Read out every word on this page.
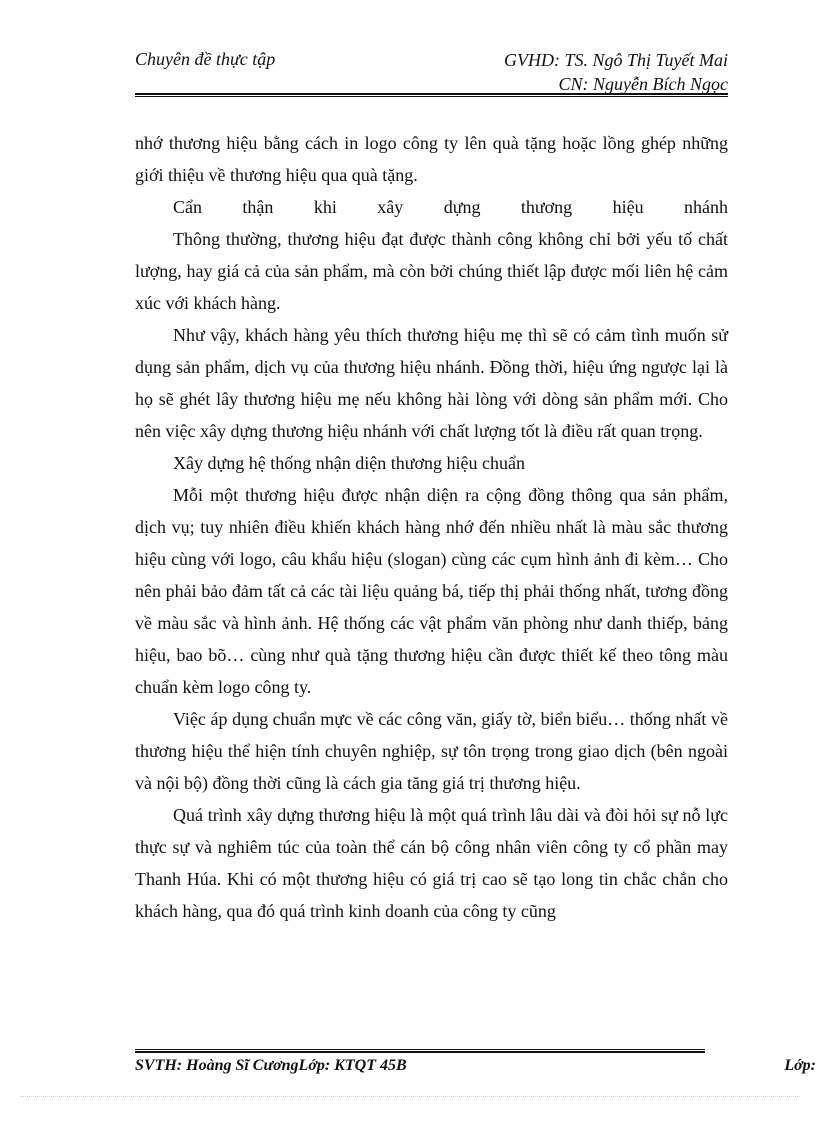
Chuyên đề thực tập	GVHD: TS. Ngô Thị Tuyết Mai
CN: Nguyễn Bích Ngọc

nhớ thương hiệu bằng cách in logo công ty lên quà tặng hoặc lồng ghép những giới thiệu về thương hiệu qua quà tặng.

Cẩn thận khi xây dựng thương hiệu nhánh

Thông thường, thương hiệu đạt được thành công không chỉ bởi yếu tố chất lượng, hay giá cả của sản phẩm, mà còn bởi chúng thiết lập được mối liên hệ cảm xúc với khách hàng.

Như vậy, khách hàng yêu thích thương hiệu mẹ thì sẽ có cảm tình muốn sử dụng sản phẩm, dịch vụ của thương hiệu nhánh. Đồng thời, hiệu ứng ngược lại là họ sẽ ghét lây thương hiệu mẹ nếu không hài lòng với dòng sản phẩm mới. Cho nên việc xây dựng thương hiệu nhánh với chất lượng tốt là điều rất quan trọng.

Xây dựng hệ thống nhận diện thương hiệu chuẩn

Mỗi một thương hiệu được nhận diện ra cộng đồng thông qua sản phẩm, dịch vụ; tuy nhiên điều khiến khách hàng nhớ đến nhiều nhất là màu sắc thương hiệu cùng với logo, câu khẩu hiệu (slogan) cùng các cụm hình ảnh đi kèm… Cho nên phải bảo đảm tất cả các tài liệu quảng bá, tiếp thị phải thống nhất, tương đồng về màu sắc và hình ảnh. Hệ thống các vật phẩm văn phòng như danh thiếp, bảng hiệu, bao bõ… cùng như quà tặng thương hiệu cần được thiết kế theo tông màu chuẩn kèm logo công ty.

Việc áp dụng chuẩn mực về các công văn, giấy tờ, biển biểu… thống nhất về thương hiệu thể hiện tính chuyên nghiệp, sự tôn trọng trong giao dịch (bên ngoài và nội bộ) đồng thời cũng là cách gia tăng giá trị thương hiệu.

Quá trình xây dựng thương hiệu là một quá trình lâu dài và đòi hỏi sự nỗ lực thực sự và nghiêm túc của toàn thể cán bộ công nhân viên công ty cổ phần may Thanh Húa. Khi có một thương hiệu có giá trị cao sẽ tạo long tin chắc chắn cho khách hàng, qua đó quá trình kinh doanh của công ty cũng

SVTH: Hoàng Sĩ CươngLớp: KTQT 45B	Lớp:
